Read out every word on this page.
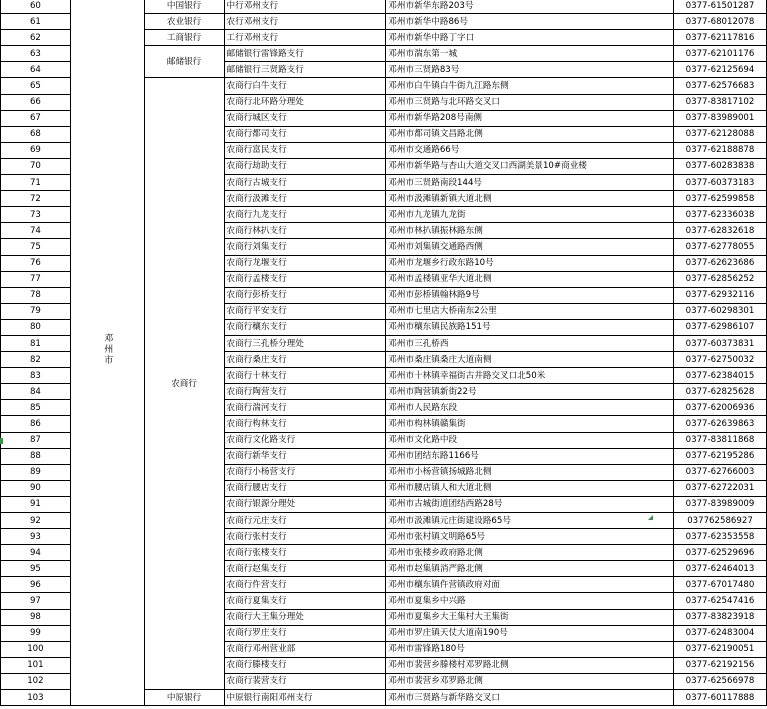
60	邓州市	中国银行	中行邓州支行	邓州市新华东路203号	0377-61501287
61		农业银行	农行邓州支行	邓州市新华中路86号	0377-68012078
62		工商银行	工行邓州支行	邓州市新华中路丁字口	0377-62117816
63		邮储银行	邮储银行雷锋路支行	邓州市湍东第一城	0377-62101176
64			邮储银行三贤路支行	邓州市三贤路83号	0377-62125694
65		农商行	农商行白牛支行	邓州市白牛镇白牛街九江路东侧	0377-62576683
66			农商行北环路分理处	邓州市三贤路与北环路交叉口	0377-83817102
67			农商行城区支行	邓州市新华路208号南侧	0377-83989001
68			农商行都司支行	邓州市都司镇文昌路北侧	0377-62128088
69			农商行富民支行	邓州市交通路66号	0377-62188878
70			农商行劫助支行	邓州市新华路与杏山大道交叉口西湖美景10#商业楼	0377-60283838
71			农商行古城支行	邓州市三贤路南段144号	0377-60373183
72			农商行汲滩支行	邓州市汲滩镇新镇大道北侧	0377-62599858
73			农商行九龙支行	邓州市九龙镇九龙街	0377-62336038
74			农商行林扒支行	邓州市林扒镇振林路东侧	0377-62832618
75			农商行刘集支行	邓州市刘集镇交通路西侧	0377-62778055
76			农商行龙堰支行	邓州市龙堰乡行政东路10号	0377-62623686
77			农商行孟楼支行	邓州市孟楼镇亚华大道北侧	0377-62856252
78			农商行彭桥支行	邓州市彭桥镇翰林路9号	0377-62932116
79			农商行平安支行	邓州市七里店大桥南东2公里	0377-60298301
80			农商行穰东支行	邓州市穰东镇民族路151号	0377-62986107
81			农商行三孔桥分理处	邓州市三孔桥西	0377-60373831
82			农商行桑庄支行	邓州市桑庄镇桑庄大道南侧	0377-62750032
83			农商行十林支行	邓州市十林镇幸福街古井路交叉口北50米	0377-62384015
84			农商行陶营支行	邓州市陶营镇新街22号	0377-62825628
85			农商行湍河支行	邓州市人民路东段	0377-62006936
86			农商行构林支行	邓州市构林镇赣集街	0377-62639863
87			农商行文化路支行	邓州市文化路中段	0377-83811868
88			农商行新华支行	邓州市团结东路1166号	0377-62195286
89			农商行小杨营支行	邓州市小杨营镇扬城路北侧	0377-62766003
90			农商行腰店支行	邓州市腰店镇人和大道北侧	0377-62722031
91			农商行银源分理处	邓州市古城街道团结西路28号	0377-83989009
92			农商行元庄支行	邓州市汲滩镇元庄街建设路65号	037762586927
93			农商行张村支行	邓州市张村镇文明路65号	0377-62353558
94			农商行张楼支行	邓州市张楼乡政府路北侧	0377-62529696
95			农商行赵集支行	邓州市赵集镇消严路北侧	0377-62464013
96			农商行仵营支行	邓州市穰东镇仵营镇政府对面	0377-67017480
97			农商行夏集支行	邓州市夏集乡中兴路	0377-62547416
98			农商行大王集分理处	邓州市夏集乡大王集村大王集街	0377-83823918
99			农商行罗庄支行	邓州市罗庄镇天仗大道南190号	0377-62483004
100			农商行邓州营业部	邓州市雷锋路180号	0377-62190051
101			农商行滕楼支行	邓州市裴营乡滕楼村邓罗路北侧	0377-62192156
102			农商行裴营支行	邓州市裴营乡邓罗路北侧	0377-62566978
103		中原银行	中原银行南阳邓州支行	邓州市三贤路与新华路交叉口	0377-60117888
